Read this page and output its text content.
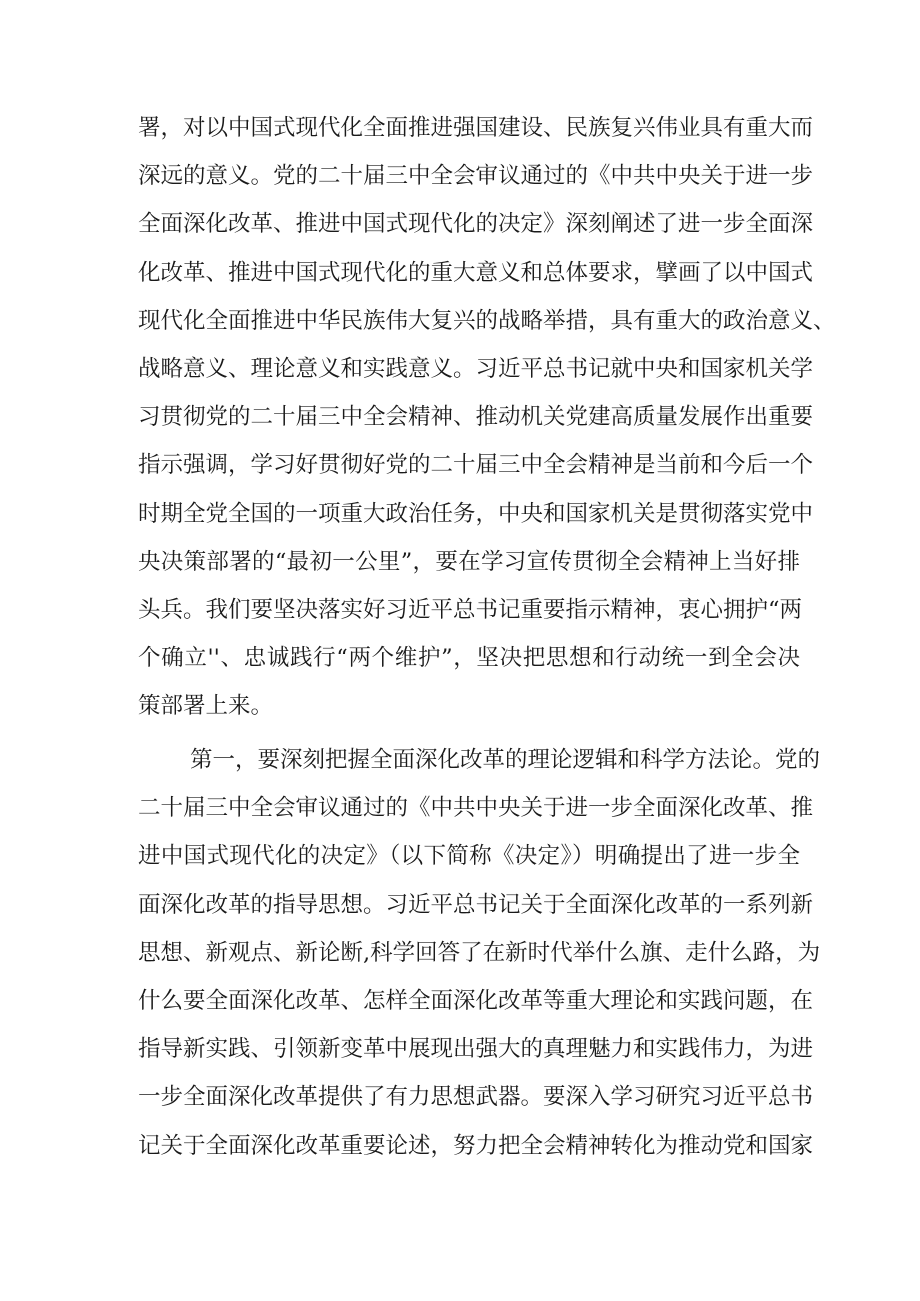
署，对以中国式现代化全面推进强国建设、民族复兴伟业具有重大而
深远的意义。党的二十届三中全会审议通过的《中共中央关于进一步
全面深化改革、推进中国式现代化的决定》深刻阐述了进一步全面深
化改革、推进中国式现代化的重大意义和总体要求，擘画了以中国式
现代化全面推进中华民族伟大复兴的战略举措，具有重大的政治意义、
战略意义、理论意义和实践意义。习近平总书记就中央和国家机关学
习贯彻党的二十届三中全会精神、推动机关党建高质量发展作出重要
指示强调，学习好贯彻好党的二十届三中全会精神是当前和今后一个
时期全党全国的一项重大政治任务，中央和国家机关是贯彻落实党中
央决策部署的“最初一公里”，要在学习宣传贯彻全会精神上当好排
头兵。我们要坚决落实好习近平总书记重要指示精神，衷心拥护“两
个确立''、忠诚践行“两个维护”，坚决把思想和行动统一到全会决
策部署上来。
第一，要深刻把握全面深化改革的理论逻辑和科学方法论。党的
二十届三中全会审议通过的《中共中央关于进一步全面深化改革、推
进中国式现代化的决定》（以下简称《决定》）明确提出了进一步全
面深化改革的指导思想。习近平总书记关于全面深化改革的一系列新
思想、新观点、新论断,科学回答了在新时代举什么旗、走什么路，为
什么要全面深化改革、怎样全面深化改革等重大理论和实践问题，在
指导新实践、引领新变革中展现出强大的真理魅力和实践伟力，为进
一步全面深化改革提供了有力思想武器。要深入学习研究习近平总书
记关于全面深化改革重要论述，努力把全会精神转化为推动党和国家
